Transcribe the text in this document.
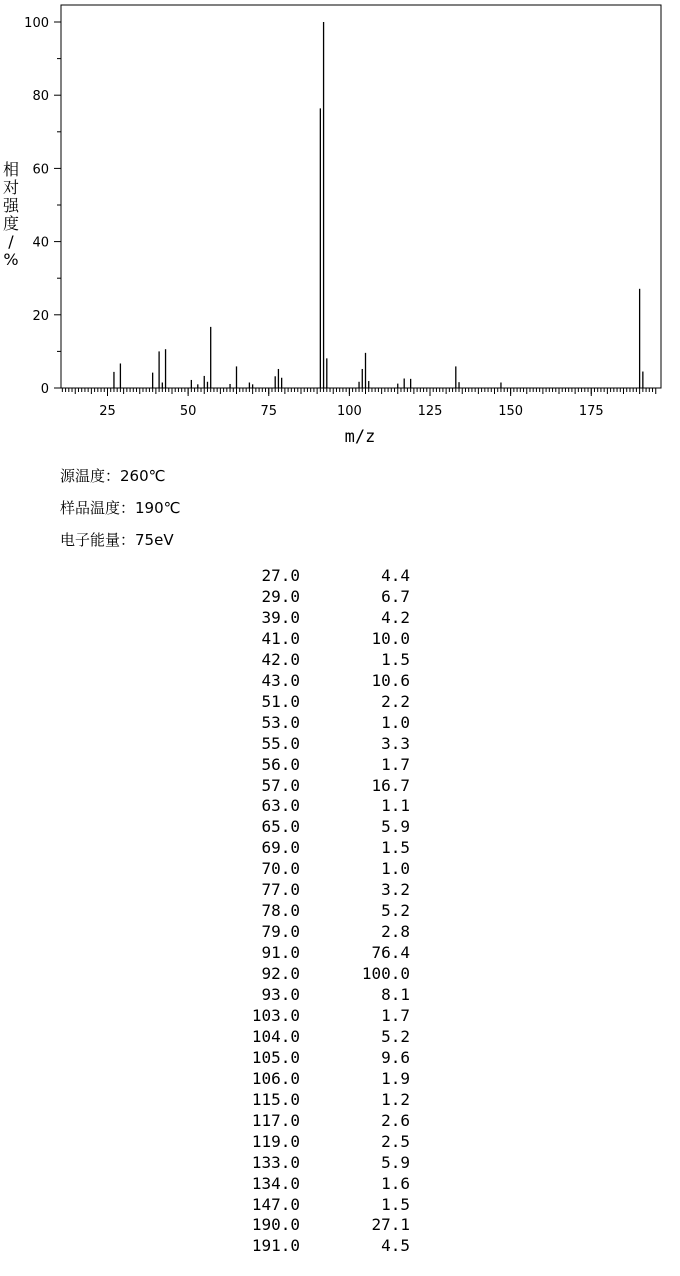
0
20
40
60
80
100
25	50	75	100	125	150	175
m/z
相对强度/ %
源温度：260℃
样品温度：190℃
电子能量：75eV
27.0	4.4
29.0	6.7
39.0	4.2
41.0	10.0
42.0	1.5
43.0	10.6
51.0	2.2
53.0	1.0
55.0	3.3
56.0	1.7
57.0	16.7
63.0	1.1
65.0	5.9
69.0	1.5
70.0	1.0
77.0	3.2
78.0	5.2
79.0	2.8
91.0	76.4
92.0	100.0
93.0	8.1
103.0	1.7
104.0	5.2
105.0	9.6
106.0	1.9
115.0	1.2
117.0	2.6
119.0	2.5
133.0	5.9
134.0	1.6
147.0	1.5
190.0	27.1
191.0	4.5
